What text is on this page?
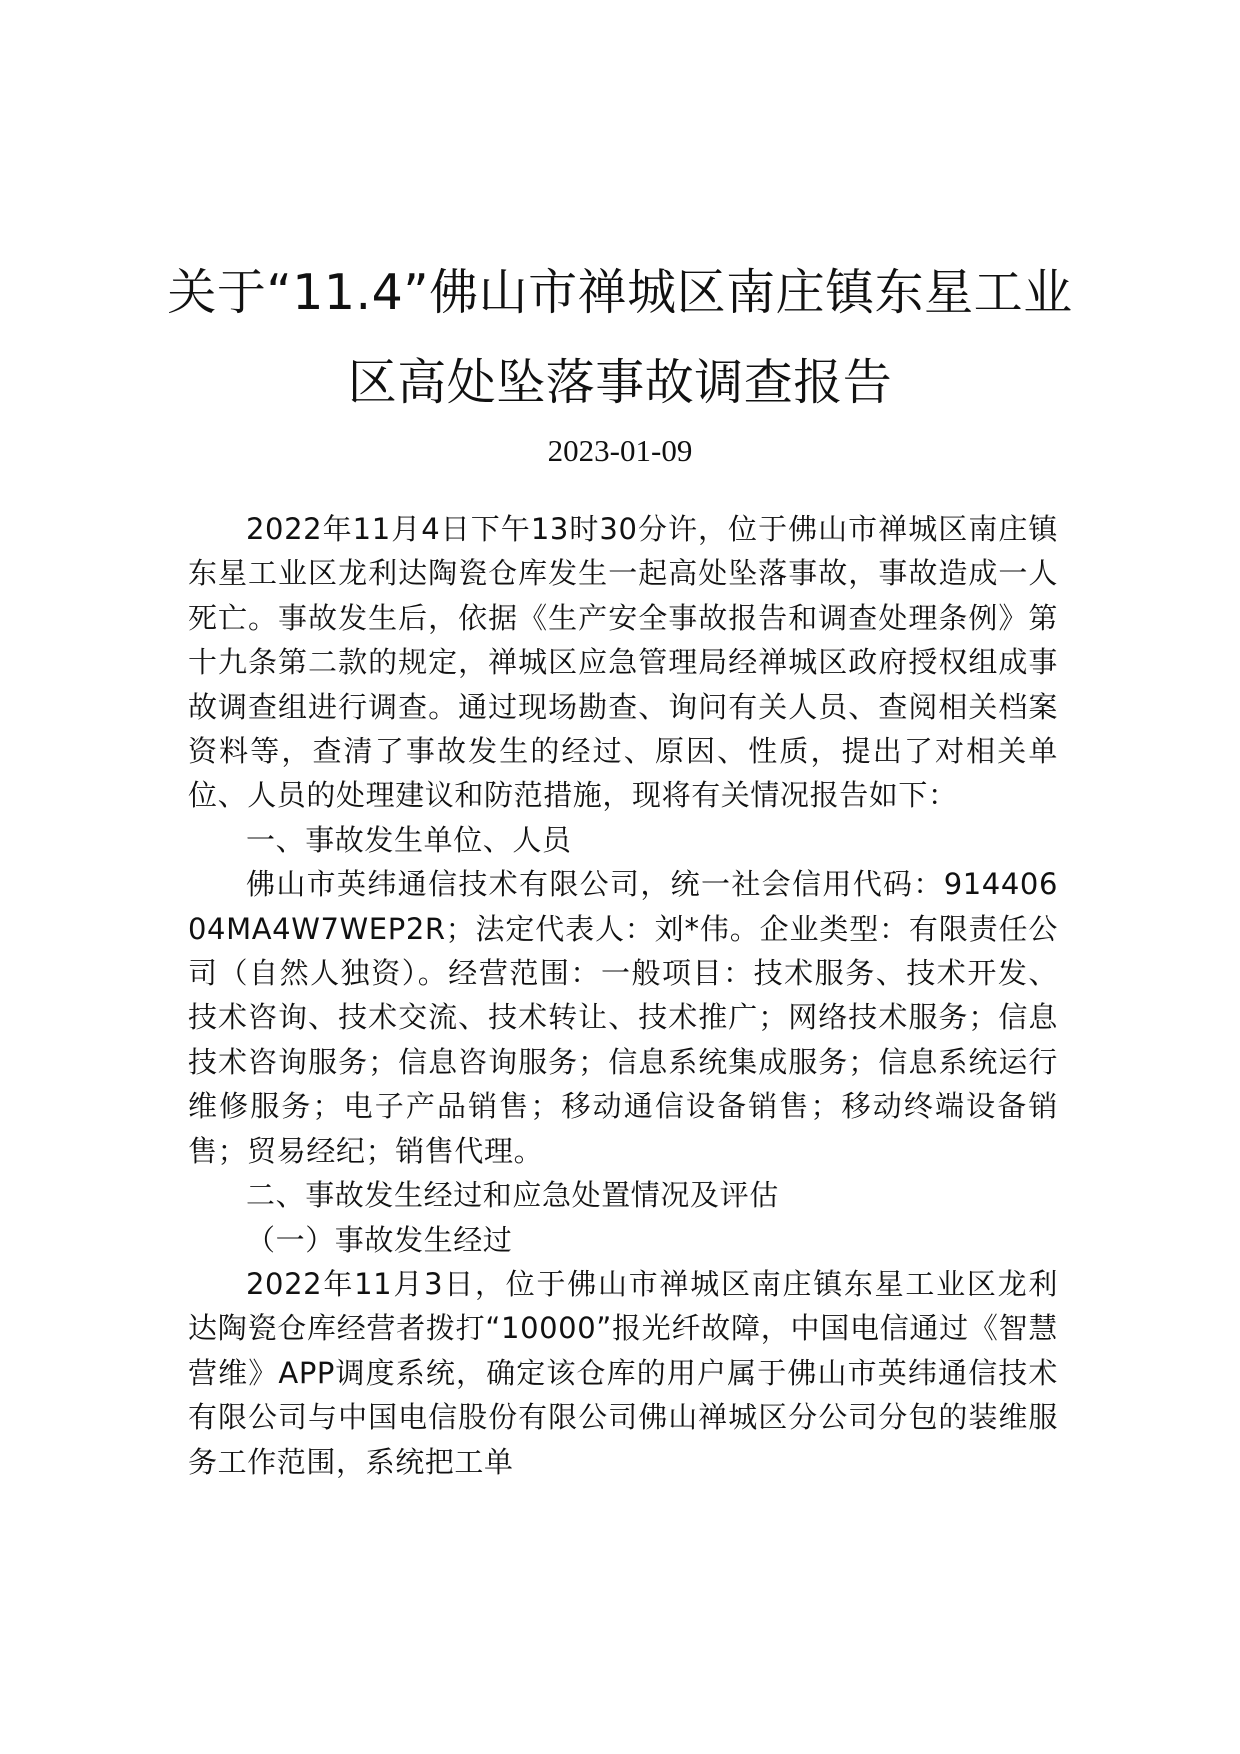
关于“11.4”佛山市禅城区南庄镇东星工业
区高处坠落事故调查报告
2023-01-09

2022年11月4日下午13时30分许，位于佛山市禅城区南庄镇东星工业区龙利达陶瓷仓库发生一起高处坠落事故，事故造成一人死亡。事故发生后，依据《生产安全事故报告和调查处理条例》第十九条第二款的规定，禅城区应急管理局经禅城区政府授权组成事故调查组进行调查。通过现场勘查、询问有关人员、查阅相关档案资料等，查清了事故发生的经过、原因、性质，提出了对相关单位、人员的处理建议和防范措施，现将有关情况报告如下：

一、事故发生单位、人员

佛山市英纬通信技术有限公司，统一社会信用代码：91440604MA4W7WEP2R；法定代表人：刘*伟。企业类型：有限责任公司（自然人独资）。经营范围：一般项目：技术服务、技术开发、技术咨询、技术交流、技术转让、技术推广；网络技术服务；信息技术咨询服务；信息咨询服务；信息系统集成服务；信息系统运行维修服务；电子产品销售；移动通信设备销售；移动终端设备销售；贸易经纪；销售代理。

二、事故发生经过和应急处置情况及评估

（一）事故发生经过

2022年11月3日，位于佛山市禅城区南庄镇东星工业区龙利达陶瓷仓库经营者拨打“10000”报光纤故障，中国电信通过《智慧营维》APP调度系统，确定该仓库的用户属于佛山市英纬通信技术有限公司与中国电信股份有限公司佛山禅城区分公司分包的装维服务工作范围，系统把工单
